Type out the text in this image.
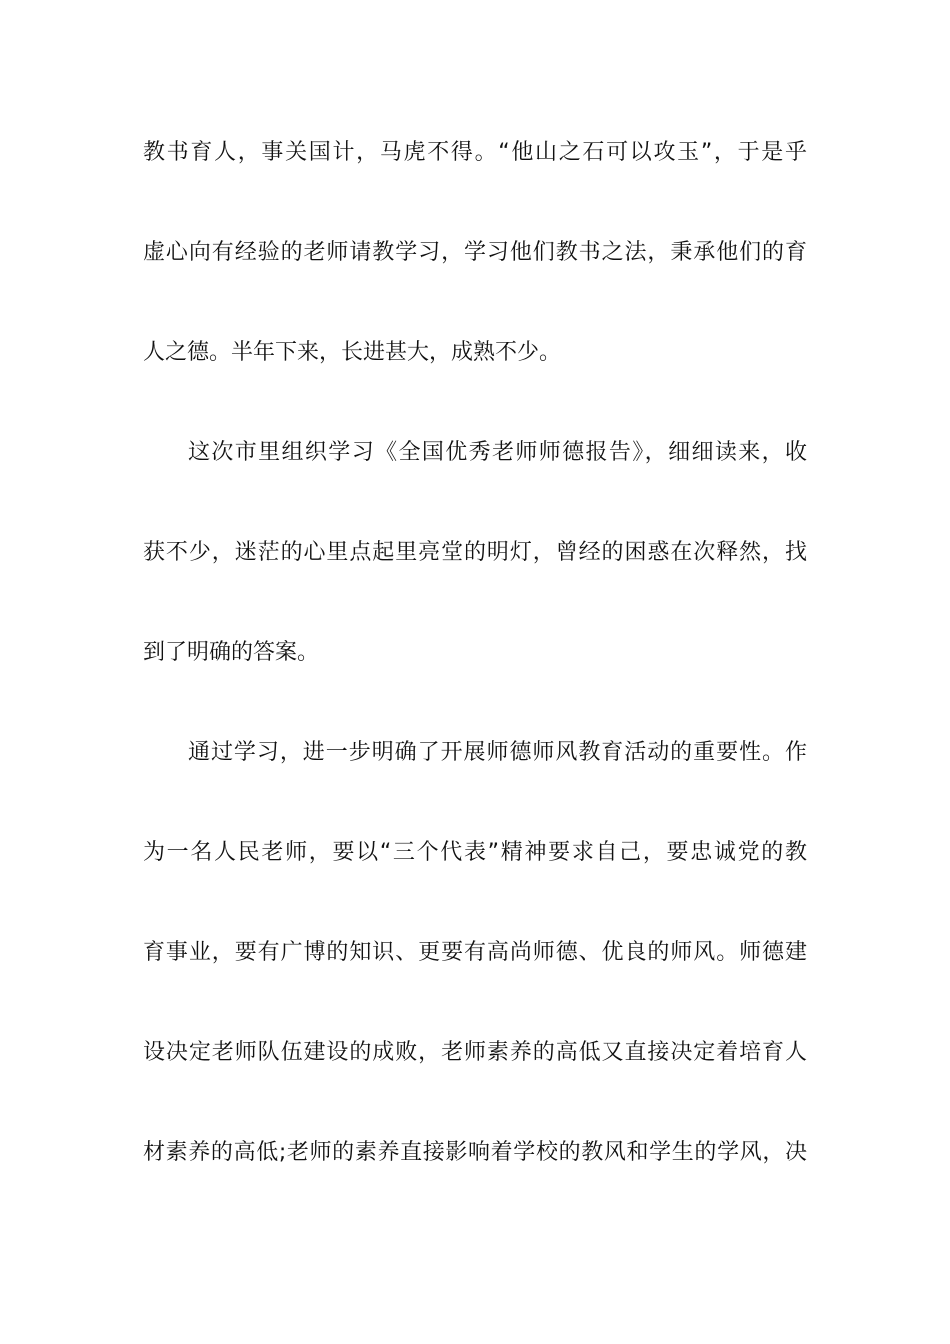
教书育人，事关国计，马虎不得。“他山之石可以攻玉”，于是乎
虚心向有经验的老师请教学习，学习他们教书之法，秉承他们的育
人之德。半年下来，长进甚大，成熟不少。
这次市里组织学习《全国优秀老师师德报告》，细细读来，收
获不少，迷茫的心里点起里亮堂的明灯，曾经的困惑在次释然，找
到了明确的答案。
通过学习，进一步明确了开展师德师风教育活动的重要性。作
为一名人民老师，要以“三个代表”精神要求自己，要忠诚党的教
育事业，要有广博的知识、更要有高尚师德、优良的师风。师德建
设决定老师队伍建设的成败，老师素养的高低又直接决定着培育人
材素养的高低;老师的素养直接影响着学校的教风和学生的学风，决
